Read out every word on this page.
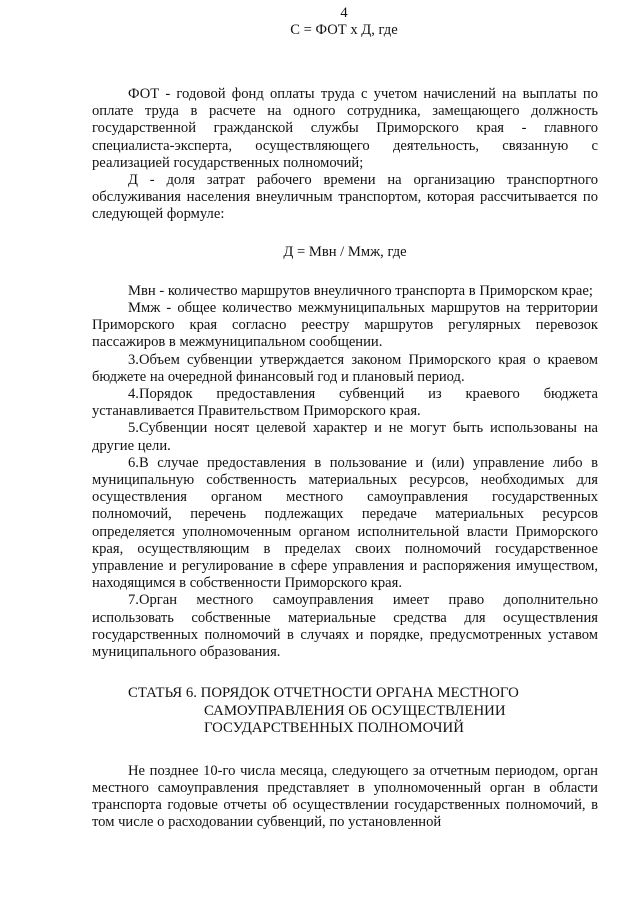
4
С = ФОТ х Д, где

ФОТ - годовой фонд оплаты труда с учетом начислений на выплаты по оплате труда в расчете на одного сотрудника, замещающего должность государственной гражданской службы Приморского края - главного специалиста-эксперта, осуществляющего деятельность, связанную с реализацией государственных полномочий;

Д - доля затрат рабочего времени на организацию транспортного обслуживания населения внеуличным транспортом, которая рассчитывается по следующей формуле:

Д = Мвн / Ммж, где

Мвн - количество маршрутов внеуличного транспорта в Приморском крае;

Ммж - общее количество межмуниципальных маршрутов на территории Приморского края согласно реестру маршрутов регулярных перевозок пассажиров в межмуниципальном сообщении.

3.Объем субвенции утверждается законом Приморского края о краевом бюджете на очередной финансовый год и плановый период.

4.Порядок предоставления субвенций из краевого бюджета устанавливается Правительством Приморского края.

5.Субвенции носят целевой характер и не могут быть использованы на другие цели.

6.В случае предоставления в пользование и (или) управление либо в муниципальную собственность материальных ресурсов, необходимых для осуществления органом местного самоуправления государственных полномочий, перечень подлежащих передаче материальных ресурсов определяется уполномоченным органом исполнительной власти Приморского края, осуществляющим в пределах своих полномочий государственное управление и регулирование в сфере управления и распоряжения имуществом, находящимся в собственности Приморского края.

7.Орган местного самоуправления имеет право дополнительно использовать собственные материальные средства для осуществления государственных полномочий в случаях и порядке, предусмотренных уставом муниципального образования.

СТАТЬЯ 6. ПОРЯДОК ОТЧЕТНОСТИ ОРГАНА МЕСТНОГО
САМОУПРАВЛЕНИЯ ОБ ОСУЩЕСТВЛЕНИИ
ГОСУДАРСТВЕННЫХ ПОЛНОМОЧИЙ

Не позднее 10-го числа месяца, следующего за отчетным периодом, орган местного самоуправления представляет в уполномоченный орган в области транспорта годовые отчеты об осуществлении государственных полномочий, в том числе о расходовании субвенций, по установленной
